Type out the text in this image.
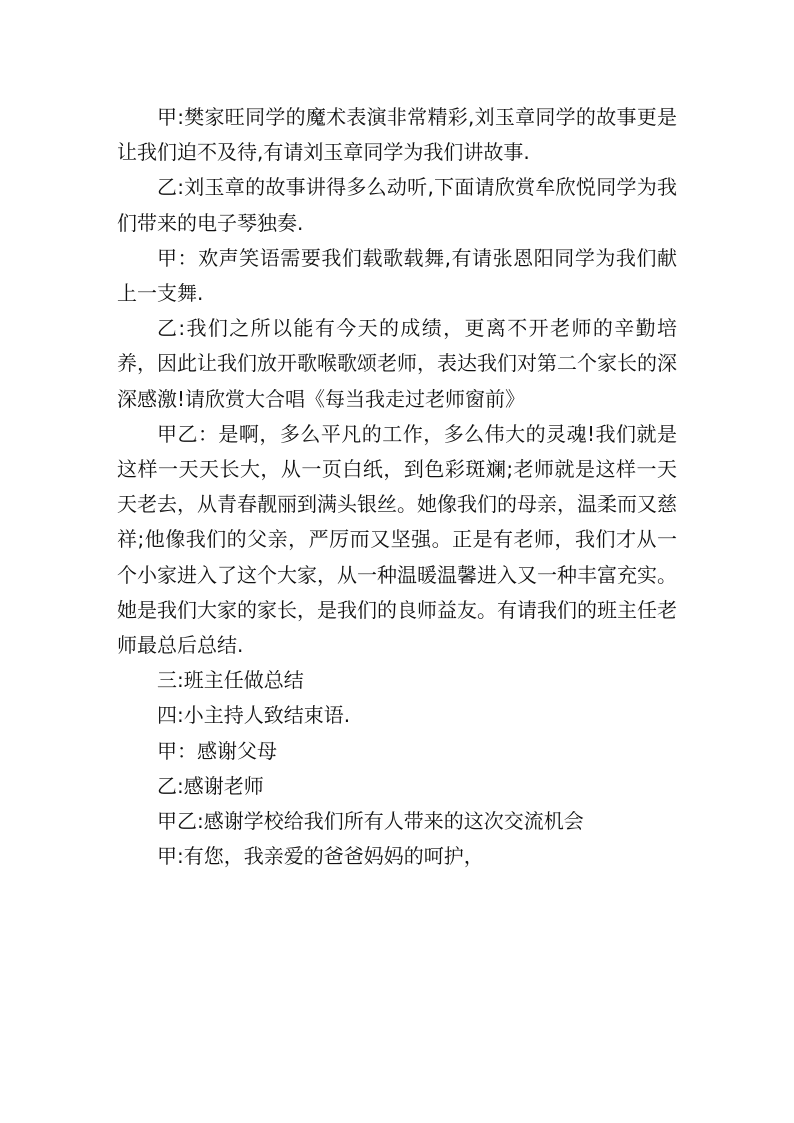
甲:樊家旺同学的魔术表演非常精彩,刘玉章同学的故事更是让我们迫不及待,有请刘玉章同学为我们讲故事.

乙:刘玉章的故事讲得多么动听,下面请欣赏牟欣悦同学为我们带来的电子琴独奏.

甲：欢声笑语需要我们载歌载舞,有请张恩阳同学为我们献上一支舞.

乙:我们之所以能有今天的成绩，更离不开老师的辛勤培养，因此让我们放开歌喉歌颂老师，表达我们对第二个家长的深深感激!请欣赏大合唱《每当我走过老师窗前》

甲乙：是啊，多么平凡的工作，多么伟大的灵魂!我们就是这样一天天长大，从一页白纸，到色彩斑斓;老师就是这样一天天老去，从青春靓丽到满头银丝。她像我们的母亲，温柔而又慈祥;他像我们的父亲，严厉而又坚强。正是有老师，我们才从一个小家进入了这个大家，从一种温暖温馨进入又一种丰富充实。她是我们大家的家长，是我们的良师益友。有请我们的班主任老师最总后总结.

三:班主任做总结

四:小主持人致结束语.

甲：感谢父母

乙:感谢老师

甲乙:感谢学校给我们所有人带来的这次交流机会

甲:有您，我亲爱的爸爸妈妈的呵护，
